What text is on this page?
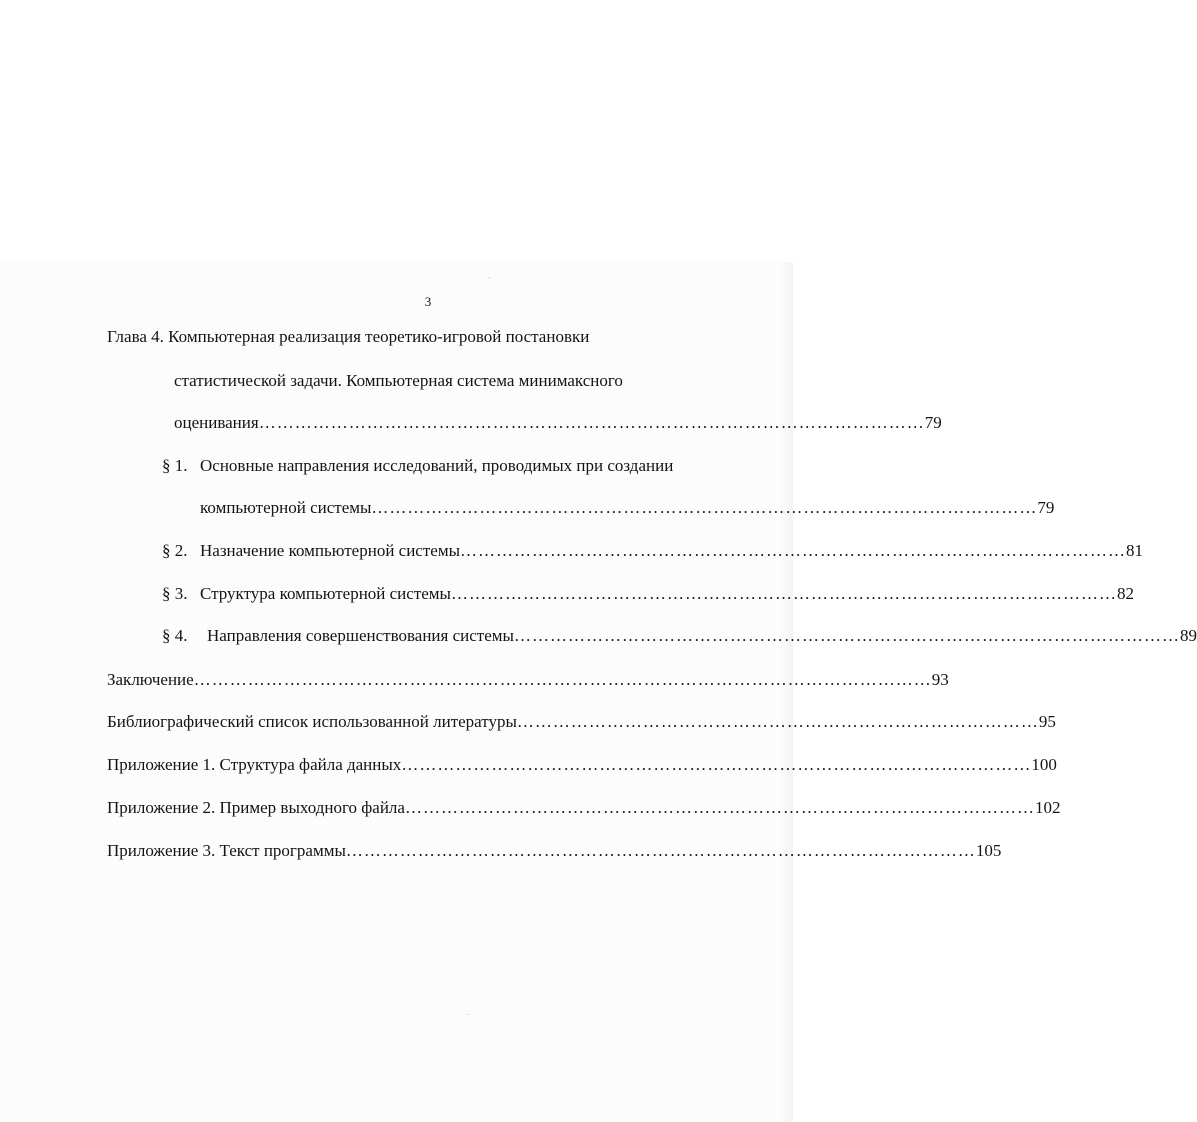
3
Глава 4. Компьютерная реализация теоретико-игровой постановки
статистической задачи. Компьютерная система минимаксного
оценивания ………………………………………………………………………………………………… 79
§ 1. Основные направления исследований, проводимых при создании
компьютерной системы ………………………………………………………………………………………………… 79
§ 2. Назначение компьютерной системы ………………………………………………………………………………………………… 81
§ 3. Структура компьютерной системы ………………………………………………………………………………………………… 82
§ 4. Направления совершенствования системы ………………………………………………………………………………………………… 89
Заключение …………………………………………………………………………………………………………… 93
Библиографический список использованной литературы …………………………………………………………………………… 95
Приложение 1. Структура файла данных …………………………………………………………………………………………… 100
Приложение 2. Пример выходного файла …………………………………………………………………………………………… 102
Приложение 3. Текст программы …………………………………………………………………………………………… 105
